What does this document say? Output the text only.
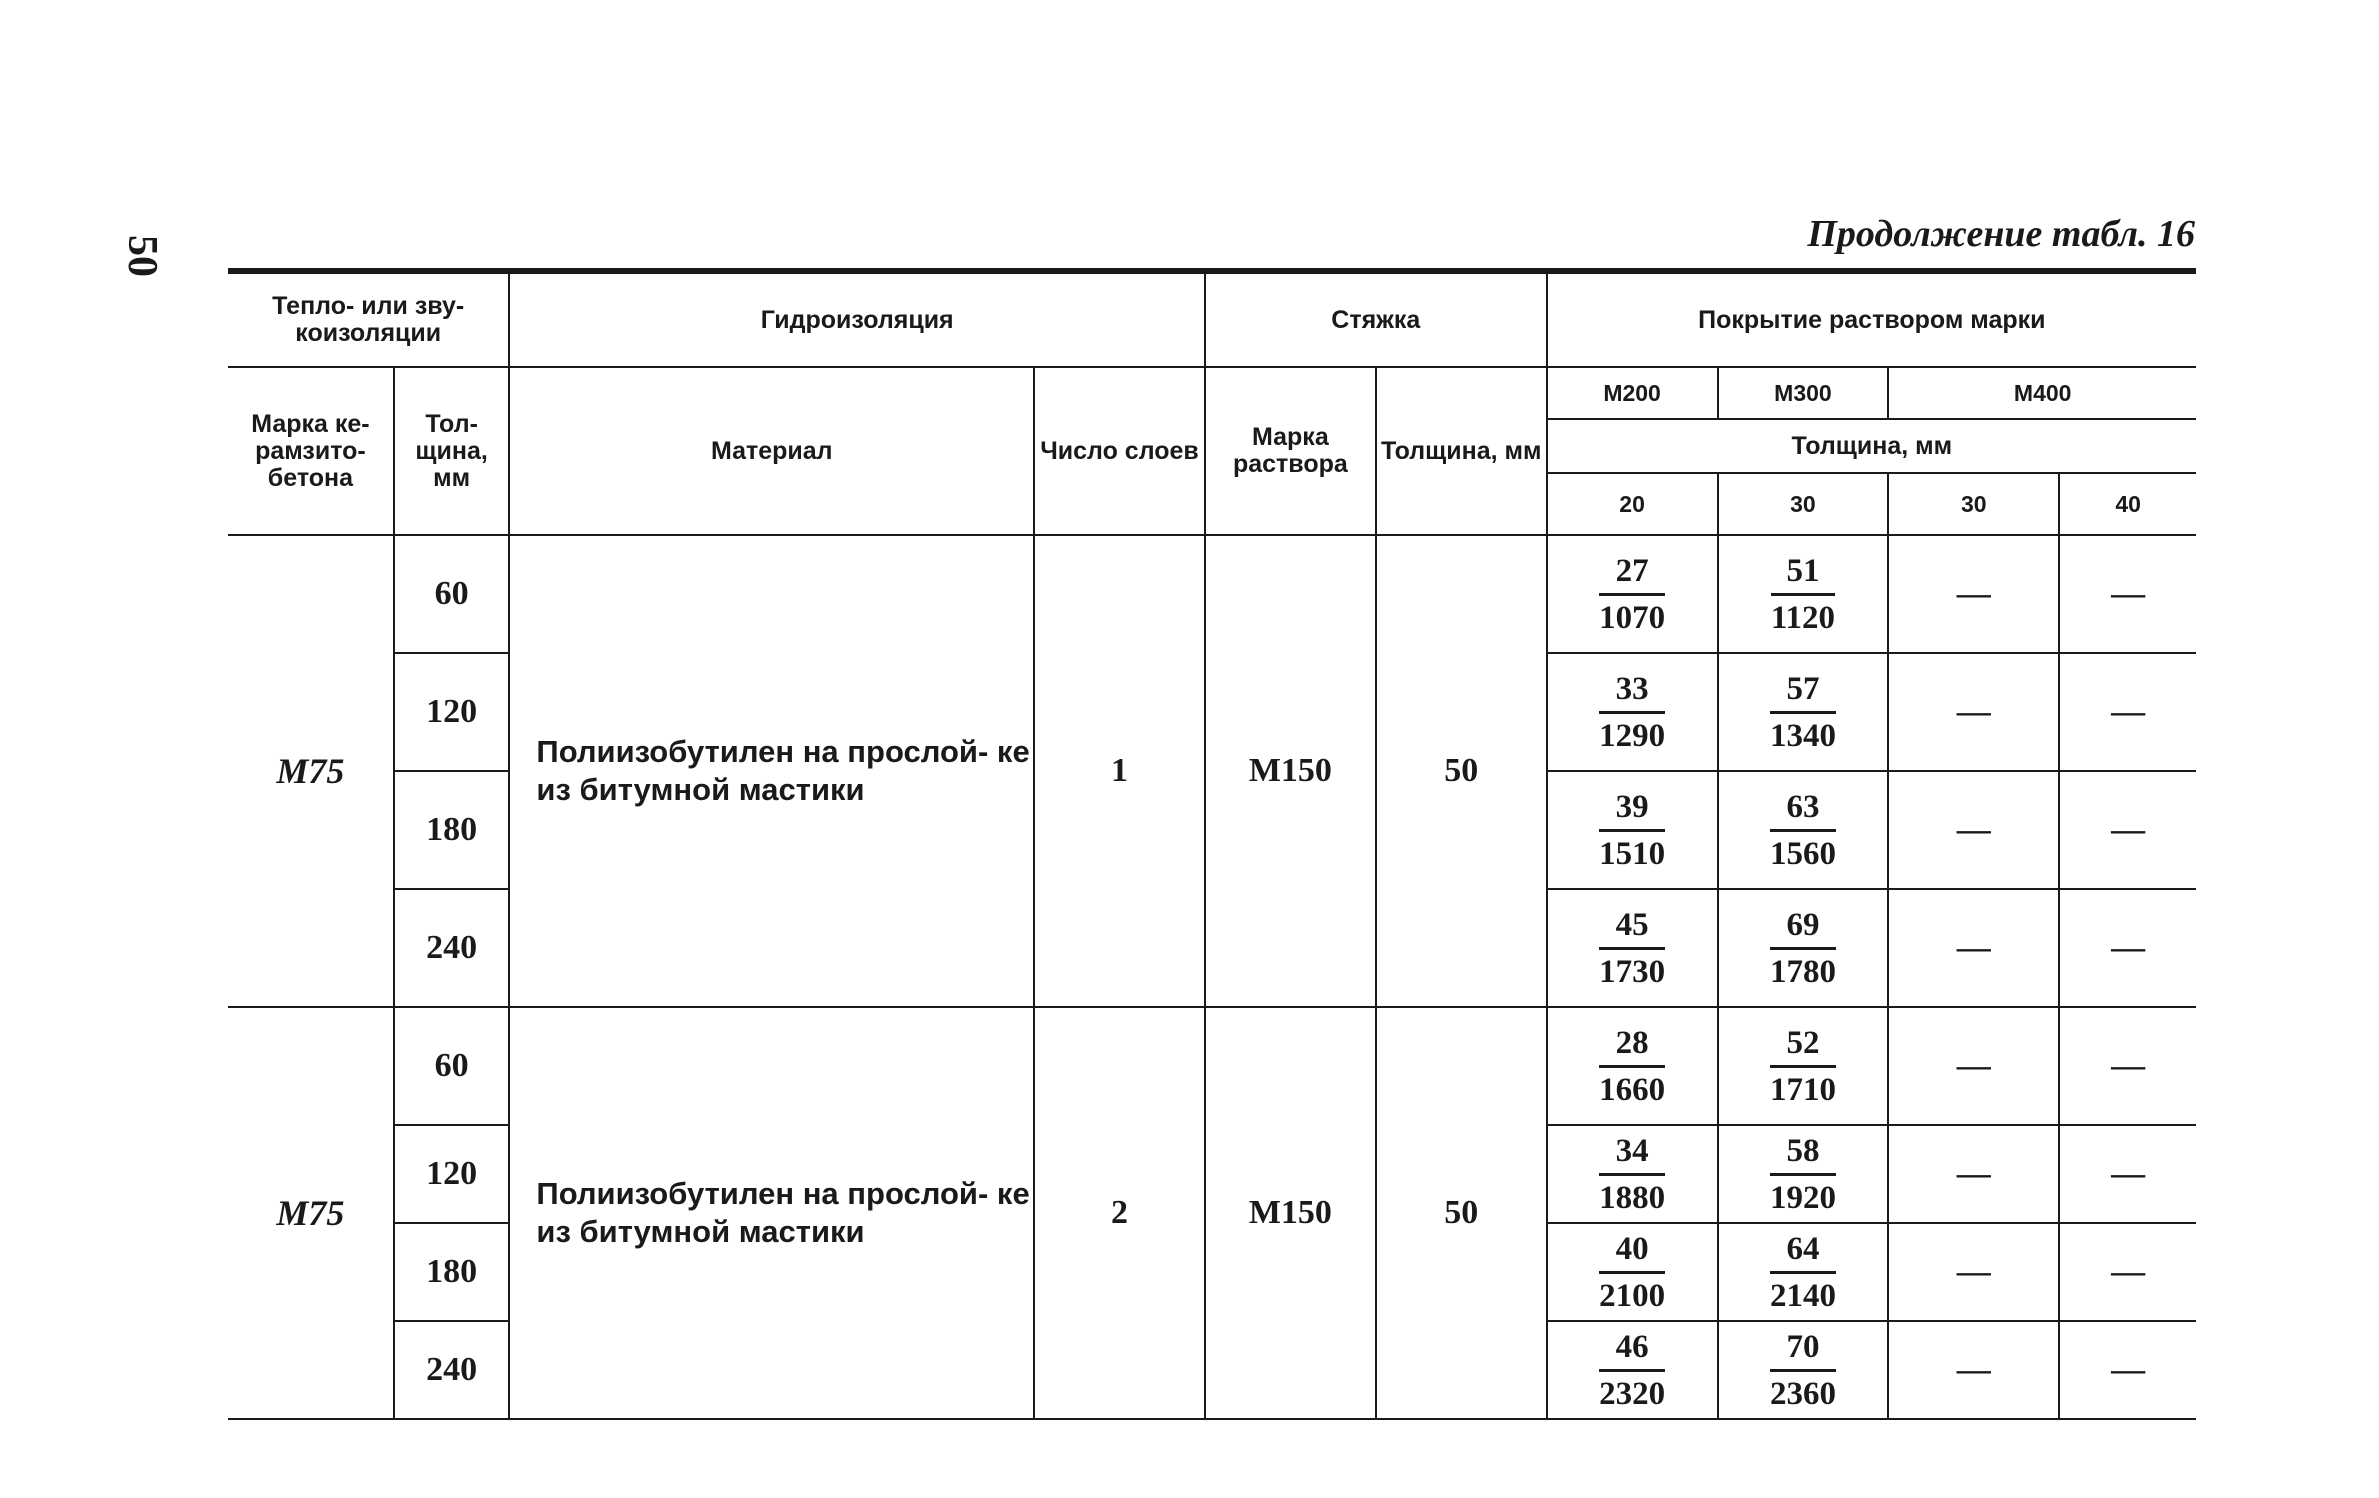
50
Продолжение табл. 16
Тепло- или зву- коизоляции		Гидроизоляция		Стяжка		Покрытие раствором марки			
Марка ке- рамзито- бетона	Тол- щина, мм	Материал	Число слоев	Марка раствора	Толщина, мм	М200	М300	М400	
						Толщина, мм			
						20	30	30	40
М75	60	Полиизобутилен на прослой- ке из битумной мастики	1	М150	50	$\frac{27}{1070}$	$\frac{51}{1120}$	—	—
	120					$\frac{33}{1290}$	$\frac{57}{1340}$	—	—
	180					$\frac{39}{1510}$	$\frac{63}{1560}$	—	—
	240					$\frac{45}{1730}$	$\frac{69}{1780}$	—	—
М75	60	Полиизобутилен на прослой- ке из битумной мастики	2	М150	50	$\frac{28}{1660}$	$\frac{52}{1710}$	—	—
	120					$\frac{34}{1880}$	$\frac{58}{1920}$	—	—
	180					$\frac{40}{2100}$	$\frac{64}{2140}$	—	—
	240					$\frac{46}{2320}$	$\frac{70}{2360}$	—	—
